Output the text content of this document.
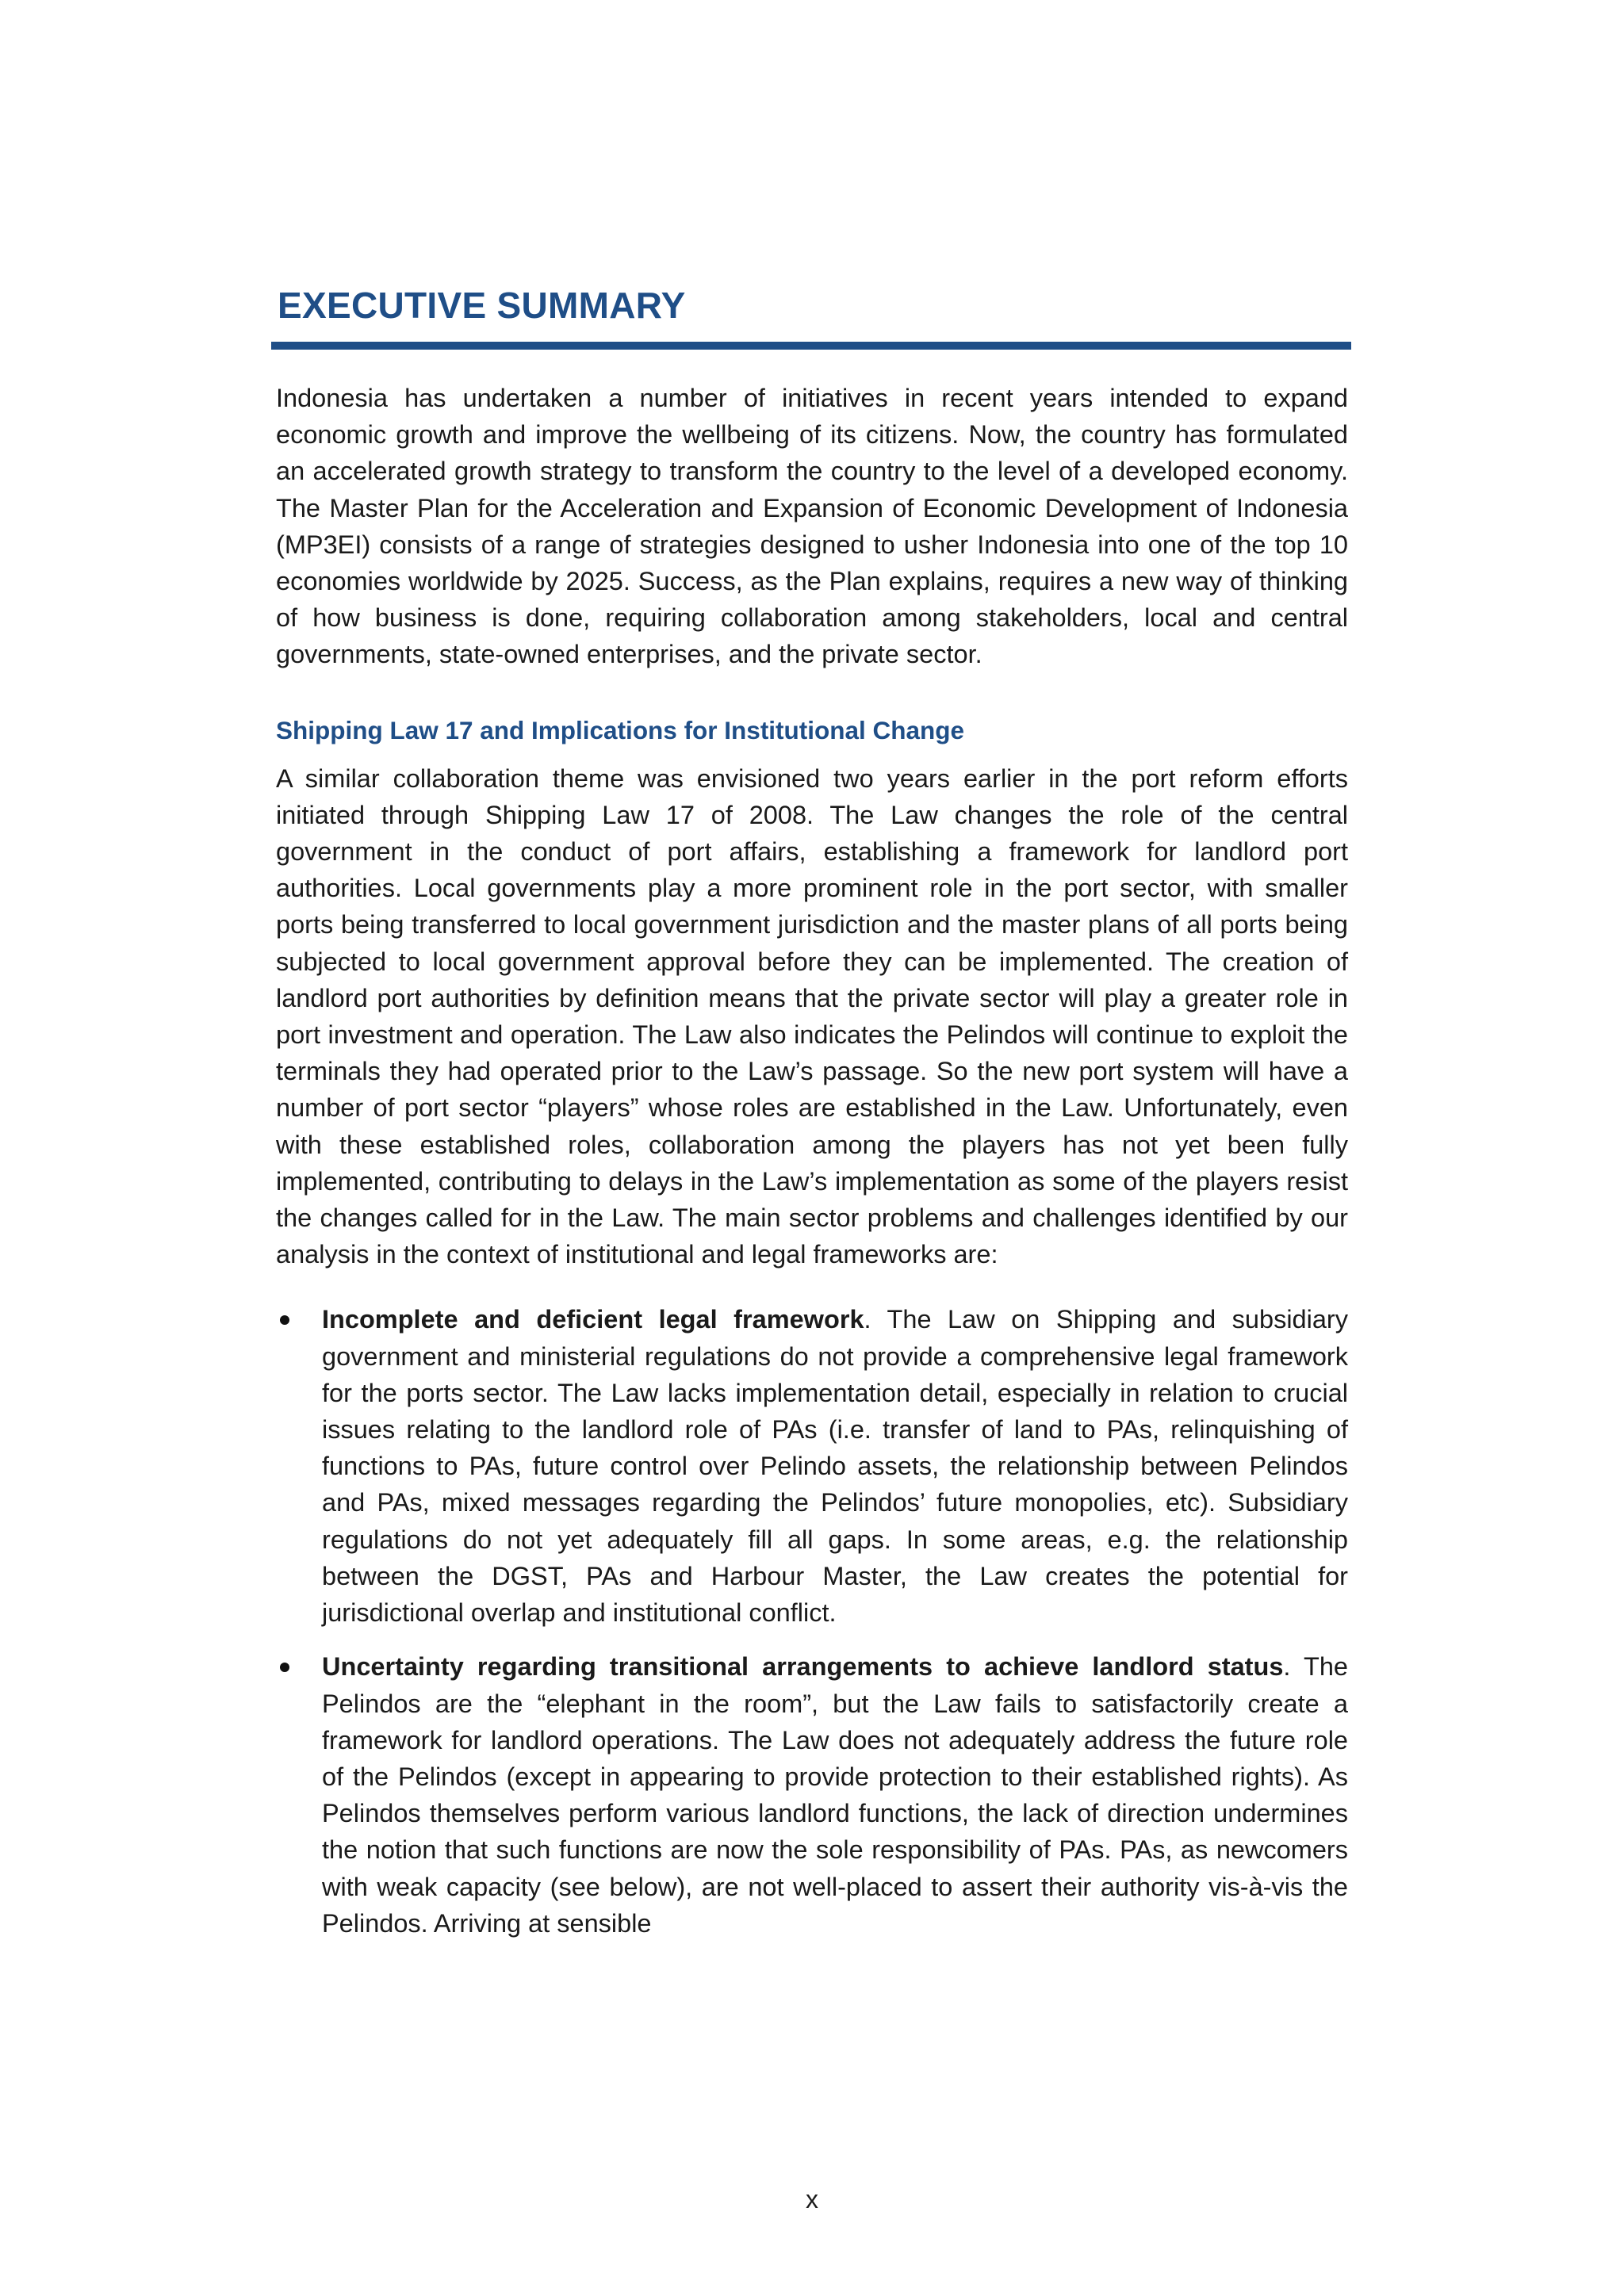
EXECUTIVE SUMMARY

Indonesia has undertaken a number of initiatives in recent years intended to expand economic growth and improve the wellbeing of its citizens. Now, the country has formulated an accelerated growth strategy to transform the country to the level of a developed economy. The Master Plan for the Acceleration and Expansion of Economic Development of Indonesia (MP3EI) consists of a range of strategies designed to usher Indonesia into one of the top 10 economies worldwide by 2025. Success, as the Plan explains, requires a new way of thinking of how business is done, requiring collaboration among stakeholders, local and central governments, state-owned enterprises, and the private sector.

Shipping Law 17 and Implications for Institutional Change

A similar collaboration theme was envisioned two years earlier in the port reform efforts initiated through Shipping Law 17 of 2008. The Law changes the role of the central government in the conduct of port affairs, establishing a framework for landlord port authorities. Local governments play a more prominent role in the port sector, with smaller ports being transferred to local government jurisdiction and the master plans of all ports being subjected to local government approval before they can be implemented. The creation of landlord port authorities by definition means that the private sector will play a greater role in port investment and operation. The Law also indicates the Pelindos will continue to exploit the terminals they had operated prior to the Law’s passage. So the new port system will have a number of port sector “players” whose roles are established in the Law. Unfortunately, even with these established roles, collaboration among the players has not yet been fully implemented, contributing to delays in the Law’s implementation as some of the players resist the changes called for in the Law. The main sector problems and challenges identified by our analysis in the context of institutional and legal frameworks are:

Incomplete and deficient legal framework. The Law on Shipping and subsidiary government and ministerial regulations do not provide a comprehensive legal framework for the ports sector. The Law lacks implementation detail, especially in relation to crucial issues relating to the landlord role of PAs (i.e. transfer of land to PAs, relinquishing of functions to PAs, future control over Pelindo assets, the relationship between Pelindos and PAs, mixed messages regarding the Pelindos’ future monopolies, etc). Subsidiary regulations do not yet adequately fill all gaps. In some areas, e.g. the relationship between the DGST, PAs and Harbour Master, the Law creates the potential for jurisdictional overlap and institutional conflict.
Uncertainty regarding transitional arrangements to achieve landlord status. The Pelindos are the “elephant in the room”, but the Law fails to satisfactorily create a framework for landlord operations. The Law does not adequately address the future role of the Pelindos (except in appearing to provide protection to their established rights). As Pelindos themselves perform various landlord functions, the lack of direction undermines the notion that such functions are now the sole responsibility of PAs. PAs, as newcomers with weak capacity (see below), are not well-placed to assert their authority vis-à-vis the Pelindos. Arriving at sensible
x
